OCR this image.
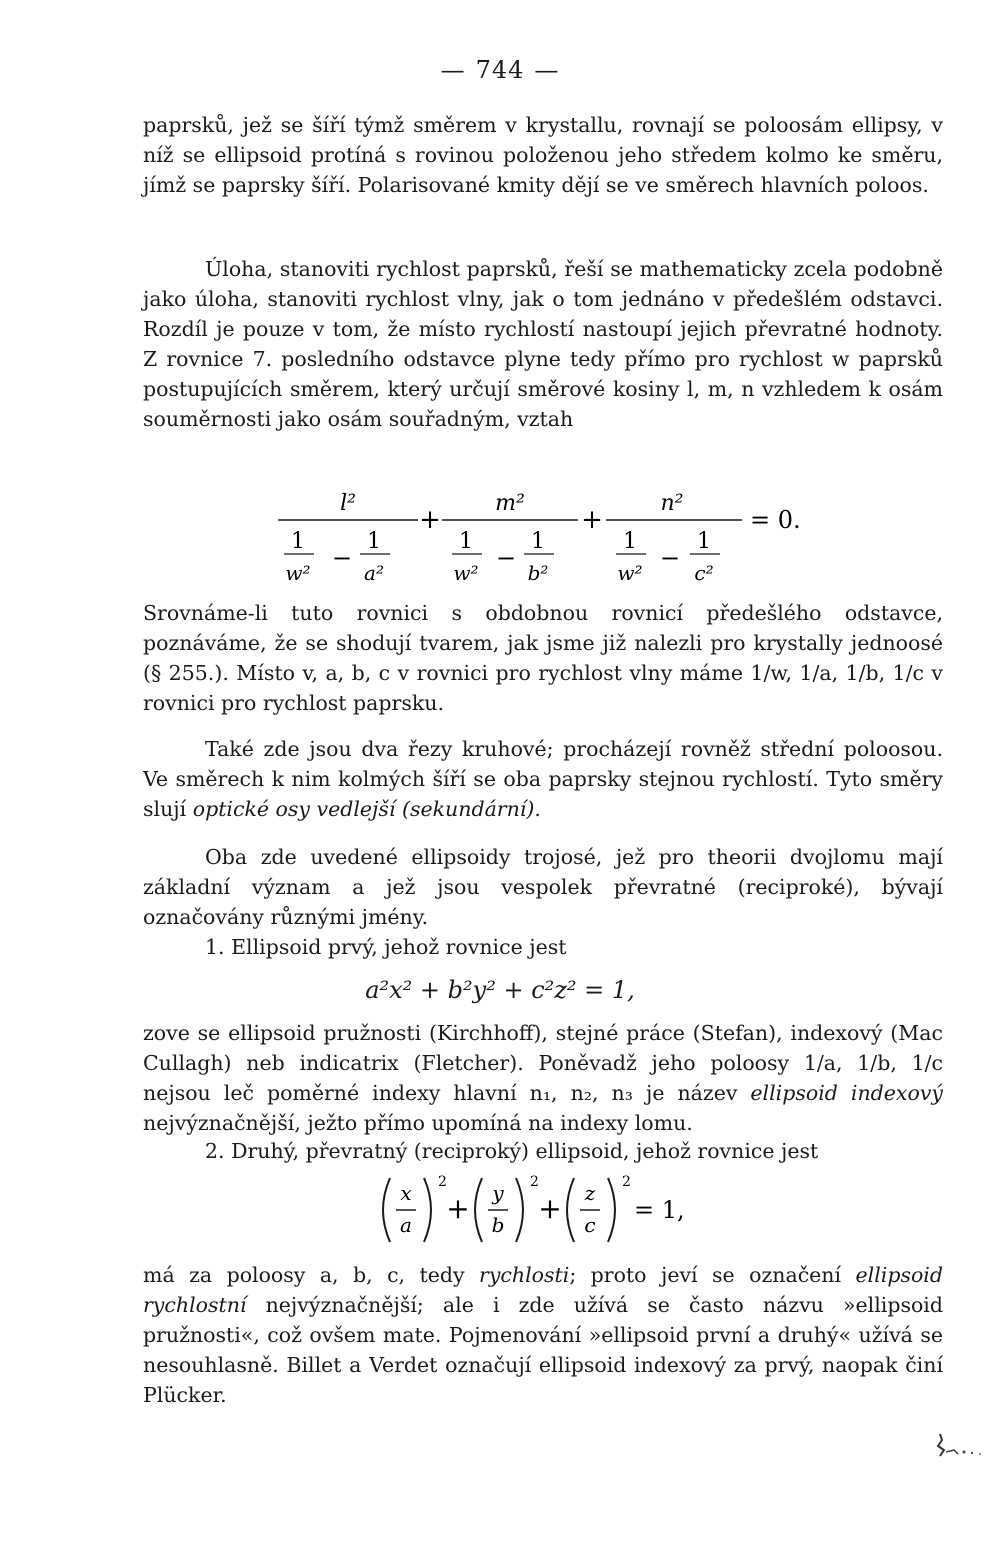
— 744 —

paprsků, jež se šíří týmž směrem v krystallu, rovnají se poloosám ellipsy, v níž se ellipsoid protíná s rovinou položenou jeho středem kolmo ke směru, jímž se paprsky šíří. Polarisované kmity dějí se ve směrech hlavních poloos.

Úloha, stanoviti rychlost paprsků, řeší se mathematicky zcela podobně jako úloha, stanoviti rychlost vlny, jak o tom jednáno v předešlém odstavci. Rozdíl je pouze v tom, že místo rychlostí nastoupí jejich převratné hodnoty. Z rovnice 7. posledního odstavce plyne tedy přímo pro rychlost w paprsků postupujících směrem, který určují směrové kosiny l, m, n vzhledem k osám souměrnosti jako osám souřadným, vztah

l²
1
w²
−
1
a²
+
m²
1
w²
−
1
b²
+
n²
1
w²
−
1
c²
= 0.

Srovnáme-li tuto rovnici s obdobnou rovnicí předešlého odstavce, poznáváme, že se shodují tvarem, jak jsme již nalezli pro krystally jednoosé (§ 255.). Místo v, a, b, c v rovnici pro rychlost vlny máme 1/w, 1/a, 1/b, 1/c v rovnici pro rychlost paprsku.

Také zde jsou dva řezy kruhové; procházejí rovněž střední poloosou. Ve směrech k nim kolmých šíří se oba paprsky stejnou rychlostí. Tyto směry slují optické osy vedlejší (sekundární).

Oba zde uvedené ellipsoidy trojosé, jež pro theorii dvojlomu mají základní význam a jež jsou vespolek převratné (reciproké), bývají označovány různými jmény.

1. Ellipsoid prvý, jehož rovnice jest

a²x² + b²y² + c²z² = 1,

zove se ellipsoid pružnosti (Kirchhoff), stejné práce (Stefan), indexový (Mac Cullagh) neb indicatrix (Fletcher). Poněvadž jeho poloosy 1/a, 1/b, 1/c nejsou leč poměrné indexy hlavní n₁, n₂, n₃ je název ellipsoid indexový nejvýznačnější, ježto přímo upomíná na indexy lomu.

2. Druhý, převratný (reciproký) ellipsoid, jehož rovnice jest

x
a
2
+ y
b
2
+ z
c
2
= 1,

má za poloosy a, b, c, tedy rychlosti; proto jeví se označení ellipsoid rychlostní nejvýznačnější; ale i zde užívá se často názvu »ellipsoid pružnosti«, což ovšem mate. Pojmenování »ellipsoid první a druhý« užívá se nesouhlasně. Billet a Verdet označují ellipsoid indexový za prvý, naopak činí Plücker.
